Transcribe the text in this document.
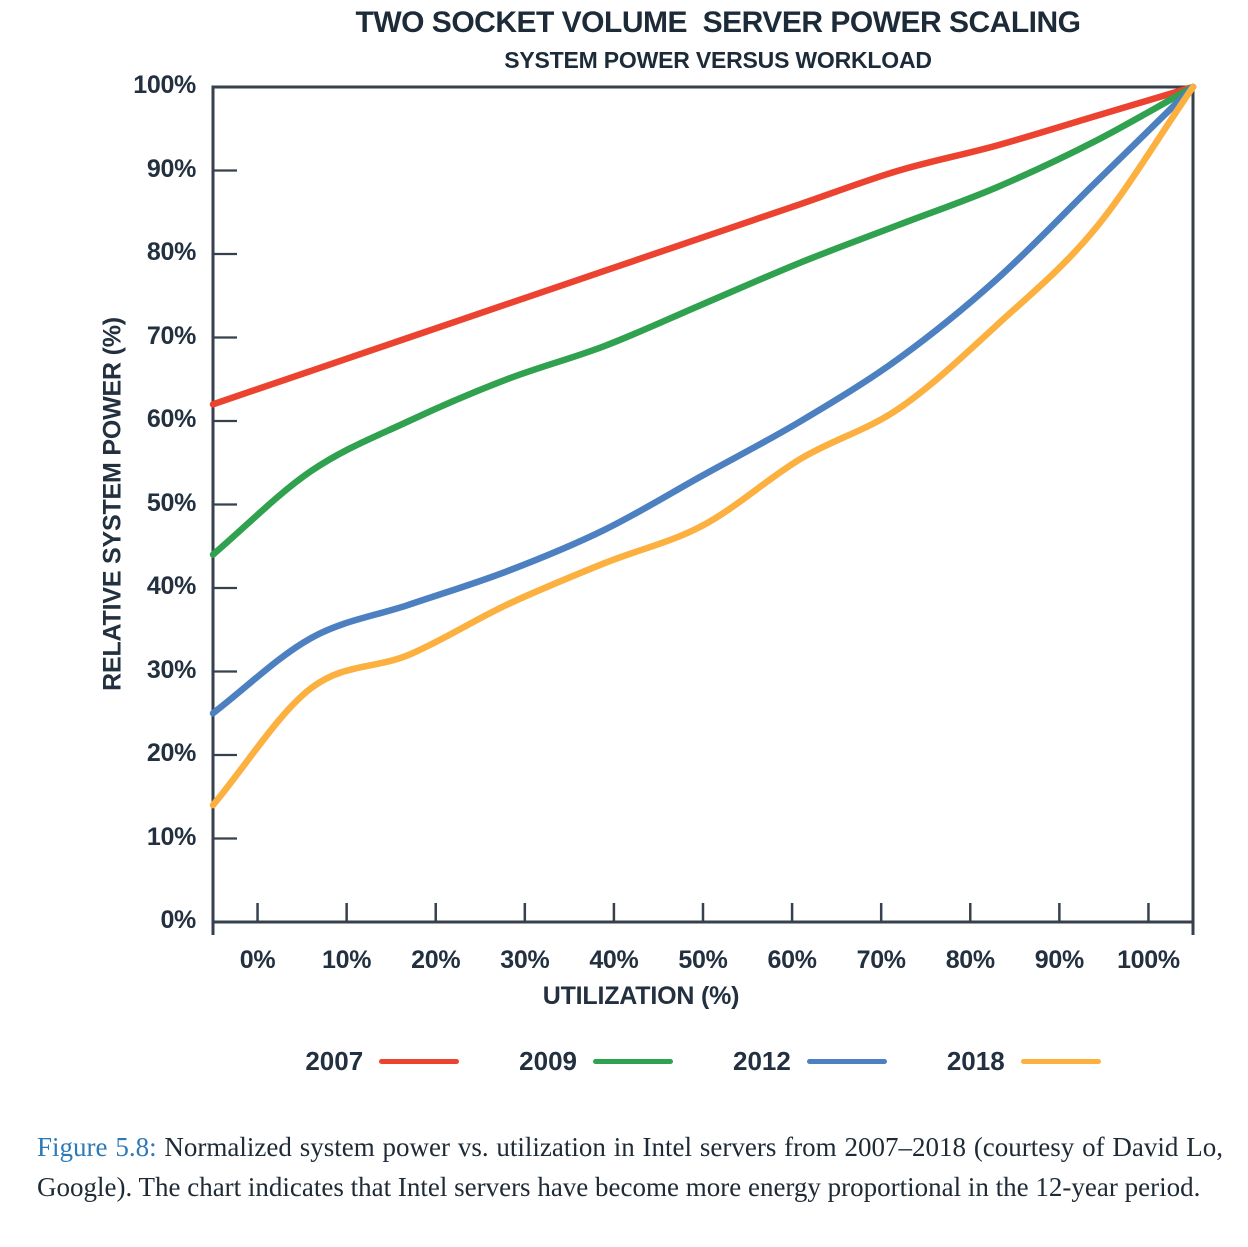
TWO SOCKET VOLUME  SERVER POWER SCALING
SYSTEM POWER VERSUS WORKLOAD
RELATIVE SYSTEM POWER (%)
UTILIZATION (%)
2007	2009	2012	2018

Figure 5.8: Normalized system power vs. utilization in Intel servers from 2007–2018 (courtesy of David Lo, Google). The chart indicates that Intel servers have become more energy proportional in the 12-year period.

0%
10%
20%
30%
40%
50%
60%
70%
80%
90%
100%
0%	10%	20%	30%	40%	50%	60%	70%	80%	90%	100%
